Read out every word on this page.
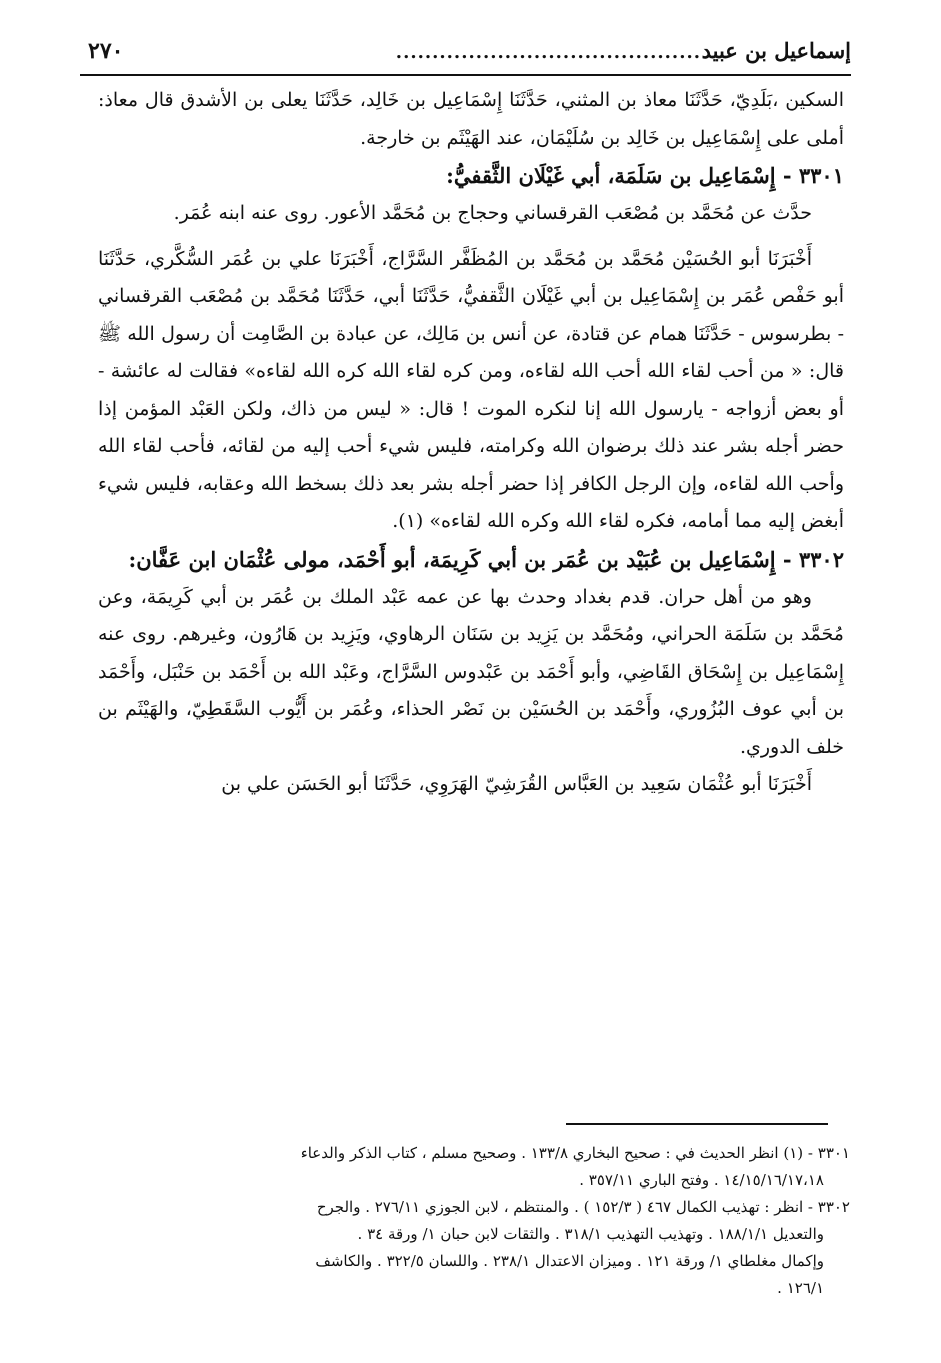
إسماعيل بن عبيد
..........................................
٢٧٠

السكين ،بَلَدِيّ، حَدَّثَنَا معاذ بن المثني، حَدَّثَنَا إِسْمَاعِيل بن خَالِد، حَدَّثَنَا يعلى بن الأشدق قال معاذ: أملى على إِسْمَاعِيل بن خَالِد بن سُلَيْمَان، عند الهَيْثَم بن خارجة.

٣٣٠١ - إِسْمَاعِيل بن سَلَمَة، أبي غَيْلَان الثَّقفيُّ:

حدَّث عن مُحَمَّد بن مُصْعَب القرقساني وحجاج بن مُحَمَّد الأعور. روى عنه ابنه عُمَر.

أَخْبَرَنَا أبو الحُسَيْن مُحَمَّد بن مُحَمَّد بن المُظَفَّر السَّرَّاج، أَخْبَرَنَا علي بن عُمَر السُّكَّري، حَدَّثَنَا أبو حَفْص عُمَر بن إِسْمَاعِيل بن أبي غَيْلَان الثَّقفيُّ، حَدَّثَنَا أبي، حَدَّثَنَا مُحَمَّد بن مُصْعَب القرقساني - بطرسوس - حَدَّثَنَا همام عن قتادة، عن أنس بن مَالِك، عن عبادة بن الصَّامِت أن رسول الله ﷺ قال: « من أحب لقاء الله أحب الله لقاءه، ومن كره لقاء الله كره الله لقاءه» فقالت له عائشة - أو بعض أزواجه - يارسول الله إنا لنكره الموت ! قال: « ليس من ذاك، ولكن العَبْد المؤمن إذا حضر أجله بشر عند ذلك برضوان الله وكرامته، فليس شيء أحب إليه من لقائه، فأحب لقاء الله وأحب الله لقاءه، وإن الرجل الكافر إذا حضر أجله بشر بعد ذلك بسخط الله وعقابه، فليس شيء أبغض إليه مما أمامه، فكره لقاء الله وكره الله لقاءه» (١).

٣٣٠٢ - إِسْمَاعِيل بن عُبَيْد بن عُمَر بن أبي كَرِيمَة، أبو أَحْمَد، مولى عُثْمَان ابن عَفَّان:

وهو من أهل حران. قدم بغداد وحدث بها عن عمه عَبْد الملك بن عُمَر بن أبي كَرِيمَة، وعن مُحَمَّد بن سَلَمَة الحراني، ومُحَمَّد بن يَزِيد بن سَنَان الرهاوي، ويَزِيد بن هَارُون، وغيرهم. روى عنه إِسْمَاعِيل بن إِسْحَاق القَاضِي، وأبو أَحْمَد بن عَبْدوس السَّرَّاج، وعَبْد الله بن أَحْمَد بن حَنْبَل، وأَحْمَد بن أبي عوف البُزُوري، وأَحْمَد بن الحُسَيْن بن نَصْر الحذاء، وعُمَر بن أَيُّوب السَّقَطِيّ، والهَيْثَم بن خلف الدوري.

أَخْبَرَنَا أبو عُثْمَان سَعِيد بن العَبَّاس القُرَشِيّ الهَرَوِي، حَدَّثَنَا أبو الحَسَن علي بن

٣٣٠١ - (١) انظر الحديث في : صحيح البخاري ١٣٣/٨ . وصحيح مسلم ، كتاب الذكر والدعاء

١٤/١٥/١٦/١٧،١٨ . وفتح الباري ٣٥٧/١١ .

٣٣٠٢ - انظر : تهذيب الكمال ٤٦٧ ( ١٥٢/٣ ) . والمنتظم ، لابن الجوزي ٢٧٦/١١ . والجرح

والتعديل ١٨٨/١/١ . وتهذيب التهذيب ٣١٨/١ . والثقات لابن حبان ١/ ورقة ٣٤ .

وإكمال مغلطاي ١/ ورقة ١٢١ . وميزان الاعتدال ٢٣٨/١ . واللسان ٣٢٢/٥ . والكاشف

١٢٦/١ .
